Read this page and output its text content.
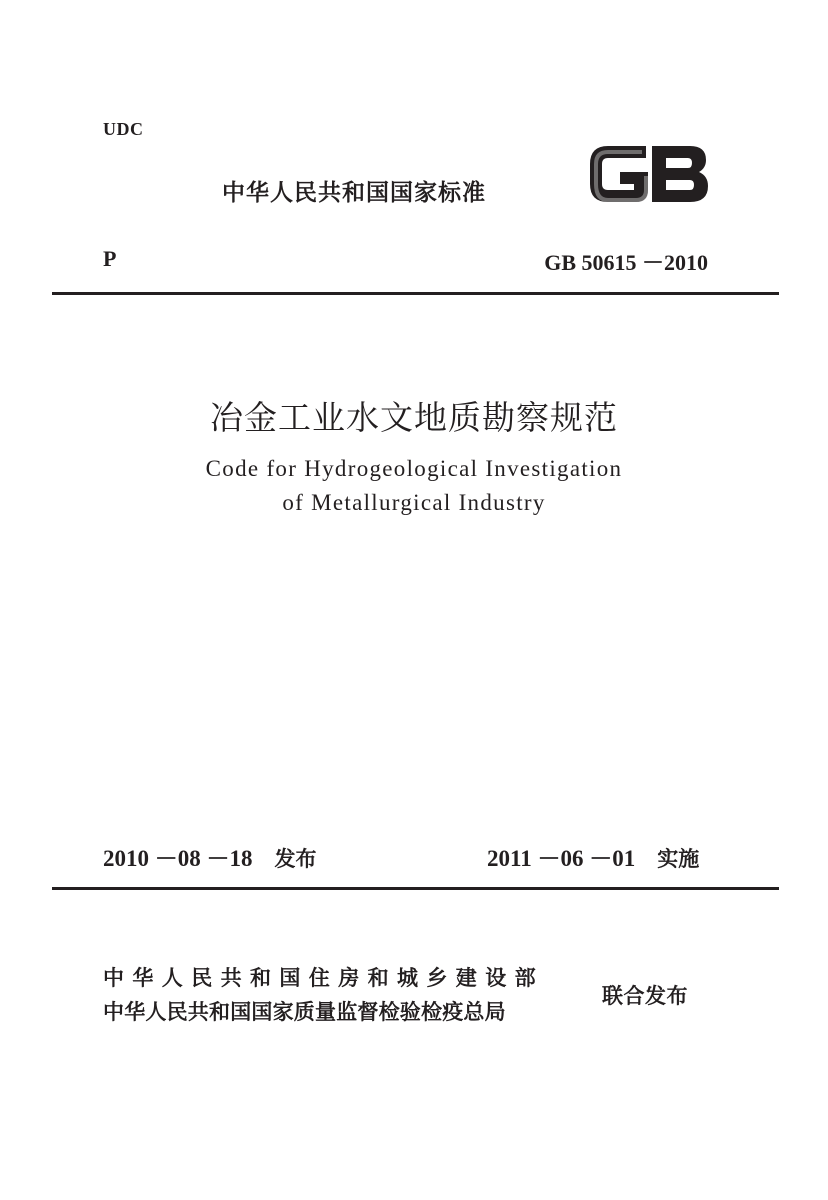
UDC
中华人民共和国国家标准
P	GB 50615 －2010
冶金工业水文地质勘察规范
Code for Hydrogeological Investigation
of Metallurgical Industry
2010 －08 －18 发布	2011 －06 －01 实施
中华人民共和国住房和城乡建设部
中华人民共和国国家质量监督检验检疫总局
联合发布
